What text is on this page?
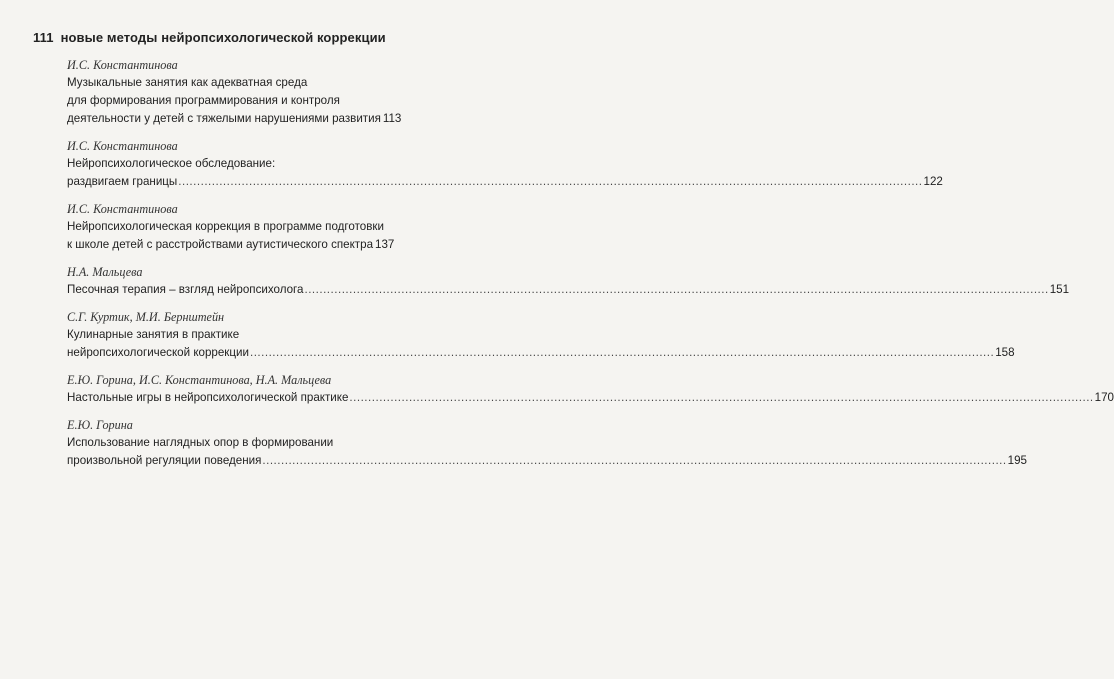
111 новые методы нейропсихологической коррекции
И.С. Константинова
Музыкальные занятия как адекватная среда
для формирования программирования и контроля
деятельности у детей с тяжелыми нарушениями развития 113
И.С. Константинова
Нейропсихологическое обследование:
раздвигаем границы ........................................................................................................................................................................................................ 122
И.С. Константинова
Нейропсихологическая коррекция в программе подготовки
к школе детей с расстройствами аутистического спектра 137
Н.А. Мальцева
Песочная терапия – взгляд нейропсихолога ........................................................................................................................................................................................................ 151
С.Г. Куртик, М.И. Бернштейн
Кулинарные занятия в практике
нейропсихологической коррекции ........................................................................................................................................................................................................ 158
Е.Ю. Горина, И.С. Константинова, Н.А. Мальцева
Настольные игры в нейропсихологической практике ........................................................................................................................................................................................................ 170
Е.Ю. Горина
Использование наглядных опор в формировании
произвольной регуляции поведения ........................................................................................................................................................................................................ 195
